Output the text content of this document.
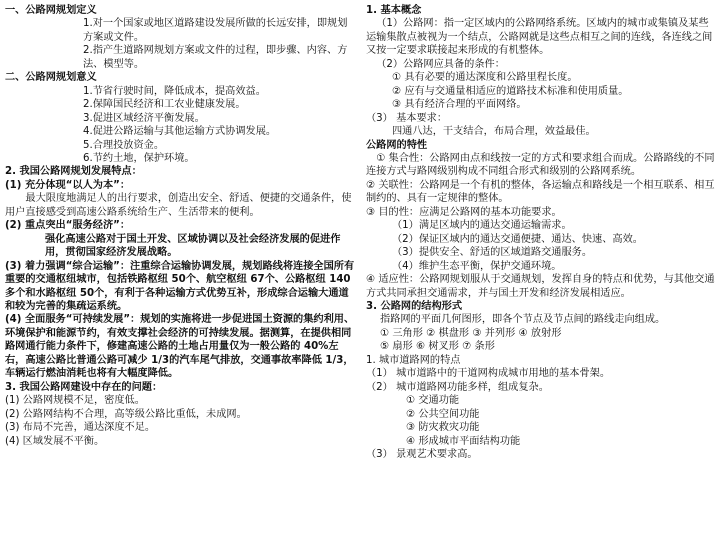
一、公路网规划定义

1.对一个国家或地区道路建设发展所做的长远安排，即规划方案或文件。

2.指产生道路网规划方案或文件的过程，即步骤、内容、方法、模型等。

二、公路网规划意义

1.节省行驶时间，降低成本，提高效益。

2.保障国民经济和工农业健康发展。

3.促进区域经济平衡发展。

4.促进公路运输与其他运输方式协调发展。

5.合理投放资金。

6.节约土地，保护环境。

2. 我国公路网规划发展特点：

(1) 充分体现“以人为本”：

最大限度地满足人的出行要求，创造出安全、舒适、便捷的交通条件，使用户直接感受到高速公路系统给生产、生活带来的便利。

(2) 重点突出“服务经济”：

强化高速公路对于国土开发、区域协调以及社会经济发展的促进作用，贯彻国家经济发展战略。

(3) 着力强调“综合运输”：注重综合运输协调发展，规划路线将连接全国所有重要的交通枢纽城市，包括铁路枢纽 50个、航空枢纽 67个、公路枢纽 140多个和水路枢纽 50个，有利于各种运输方式优势互补，形成综合运输大通道和较为完善的集疏运系统。

(4) 全面服务“可持续发展”：规划的实施将进一步促进国土资源的集约利用、环境保护和能源节约，有效支撑社会经济的可持续发展。据测算，在提供相同路网通行能力条件下，修建高速公路的土地占用量仅为一般公路的 40%左右，高速公路比普通公路可减少 1/3的汽车尾气排放，交通事故率降低 1/3，车辆运行燃油消耗也将有大幅度降低。

3. 我国公路网建设中存在的问题：

(1) 公路网规模不足，密度低。

(2) 公路网结构不合理，高等级公路比重低，未成网。

(3) 布局不完善，通达深度不足。

(4) 区域发展不平衡。

1. 基本概念

（1）公路网：指一定区域内的公路网络系统。区域内的城市或集镇及某些运输集散点被视为一个结点，公路网就是这些点相互之间的连线，各连线之间又按一定要求联接起来形成的有机整体。

（2）公路网应具备的条件：

① 具有必要的通达深度和公路里程长度。

② 应有与交通量相适应的道路技术标准和使用质量。

③ 具有经济合理的平面网络。

（3） 基本要求：

四通八达，干支结合，布局合理，效益最佳。

公路网的特性

① 集合性：公路网由点和线按一定的方式和要求组合而成。公路路线的不同连接方式与路网级别构成不同组合形式和级别的公路网系统。

② 关联性：公路网是一个有机的整体，各运输点和路线是一个相互联系、相互制约的、具有一定规律的整体。

③ 目的性：应满足公路网的基本功能要求。

（1）满足区域内的通达交通运输需求。

（2）保证区域内的通达交通便捷、通达、快速、高效。

（3）提供安全、舒适的区域道路交通服务。

（4）维护生态平衡，保护交通环境。

④ 适应性：公路网规划服从于交通规划，发挥自身的特点和优势，与其他交通方式共同承担交通需求，并与国土开发和经济发展相适应。

3. 公路网的结构形式

指路网的平面几何图形，即各个节点及节点间的路线走向组成。

① 三角形 ② 棋盘形 ③ 并列形 ④ 放射形

⑤ 扇形 ⑥ 树叉形 ⑦ 条形

1. 城市道路网的特点

（1） 城市道路中的干道网构成城市用地的基本骨架。

（2） 城市道路网功能多样，组成复杂。

① 交通功能

② 公共空间功能

③ 防灾救灾功能

④ 形成城市平面结构功能

（3） 景观艺术要求高。
